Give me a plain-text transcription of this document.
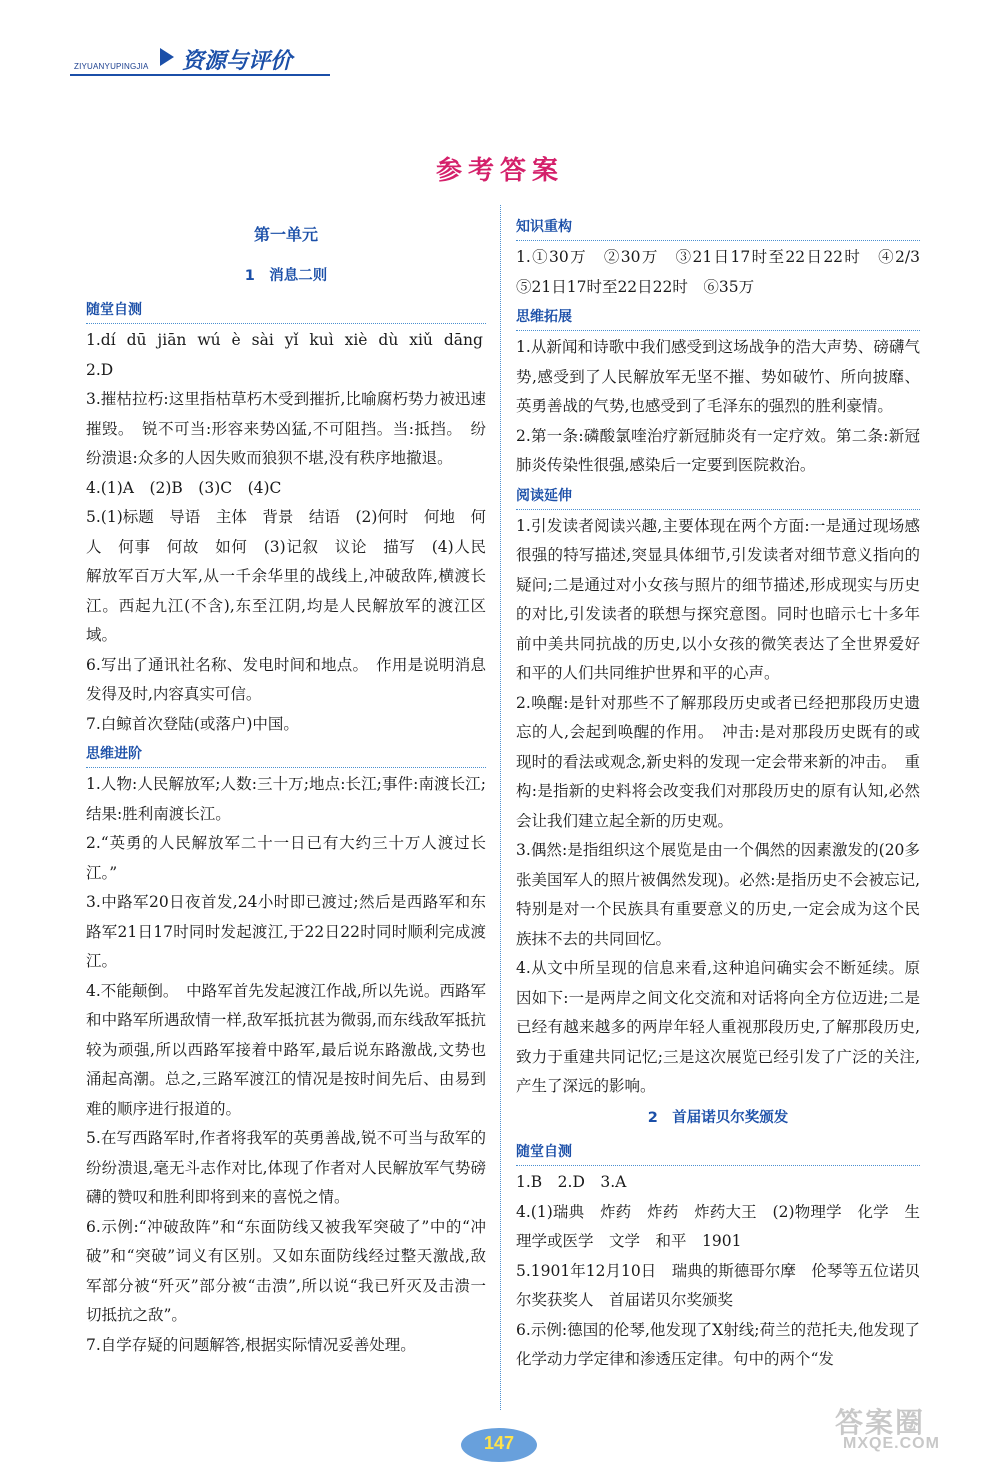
ZIYUANYUPINGJIA 资源与评价
参考答案
第一单元
1　消息二则
随堂自测

1.dí dū jiān wú è sài yǐ kuì xiè dù xiǔ dāng

2.D

3.摧枯拉朽:这里指枯草朽木受到摧折,比喻腐朽势力被迅速摧毁。　锐不可当:形容来势凶猛,不可阻挡。当:抵挡。　纷纷溃退:众多的人因失败而狼狈不堪,没有秩序地撤退。

4.(1)A　(2)B　(3)C　(4)C

5.(1)标题　导语　主体　背景　结语　(2)何时　何地　何人　何事　何故　如何　(3)记叙　议论　描写　(4)人民解放军百万大军,从一千余华里的战线上,冲破敌阵,横渡长江。西起九江(不含),东至江阴,均是人民解放军的渡江区域。

6.写出了通讯社名称、发电时间和地点。　作用是说明消息发得及时,内容真实可信。

7.白鲸首次登陆(或落户)中国。

思维进阶

1.人物:人民解放军;人数:三十万;地点:长江;事件:南渡长江;结果:胜利南渡长江。

2.“英勇的人民解放军二十一日已有大约三十万人渡过长江。”

3.中路军20日夜首发,24小时即已渡过;然后是西路军和东路军21日17时同时发起渡江,于22日22时同时顺利完成渡江。

4.不能颠倒。　中路军首先发起渡江作战,所以先说。西路军和中路军所遇敌情一样,敌军抵抗甚为微弱,而东线敌军抵抗较为顽强,所以西路军接着中路军,最后说东路激战,文势也涌起高潮。总之,三路军渡江的情况是按时间先后、由易到难的顺序进行报道的。

5.在写西路军时,作者将我军的英勇善战,锐不可当与敌军的纷纷溃退,毫无斗志作对比,体现了作者对人民解放军气势磅礴的赞叹和胜利即将到来的喜悦之情。

6.示例:“冲破敌阵”和“东面防线又被我军突破了”中的“冲破”和“突破”词义有区别。又如东面防线经过整天激战,敌军部分被“歼灭”部分被“击溃”,所以说“我已歼灭及击溃一切抵抗之敌”。

7.自学存疑的问题解答,根据实际情况妥善处理。

知识重构

1.①30万　②30万　③21日17时至22日22时　④2/3　⑤21日17时至22日22时　⑥35万

思维拓展

1.从新闻和诗歌中我们感受到这场战争的浩大声势、磅礴气势,感受到了人民解放军无坚不摧、势如破竹、所向披靡、英勇善战的气势,也感受到了毛泽东的强烈的胜利豪情。

2.第一条:磷酸氯喹治疗新冠肺炎有一定疗效。第二条:新冠肺炎传染性很强,感染后一定要到医院救治。

阅读延伸

1.引发读者阅读兴趣,主要体现在两个方面:一是通过现场感很强的特写描述,突显具体细节,引发读者对细节意义指向的疑问;二是通过对小女孩与照片的细节描述,形成现实与历史的对比,引发读者的联想与探究意图。同时也暗示七十多年前中美共同抗战的历史,以小女孩的微笑表达了全世界爱好和平的人们共同维护世界和平的心声。

2.唤醒:是针对那些不了解那段历史或者已经把那段历史遗忘的人,会起到唤醒的作用。　冲击:是对那段历史既有的或现时的看法或观念,新史料的发现一定会带来新的冲击。　重构:是指新的史料将会改变我们对那段历史的原有认知,必然会让我们建立起全新的历史观。

3.偶然:是指组织这个展览是由一个偶然的因素激发的(20多张美国军人的照片被偶然发现)。必然:是指历史不会被忘记,特别是对一个民族具有重要意义的历史,一定会成为这个民族抹不去的共同回忆。

4.从文中所呈现的信息来看,这种追问确实会不断延续。原因如下:一是两岸之间文化交流和对话将向全方位迈进;二是已经有越来越多的两岸年轻人重视那段历史,了解那段历史,致力于重建共同记忆;三是这次展览已经引发了广泛的关注,产生了深远的影响。

2　首届诺贝尔奖颁发
随堂自测

1.B　2.D　3.A

4.(1)瑞典　炸药　炸药　炸药大王　(2)物理学　化学　生理学或医学　文学　和平　1901

5.1901年12月10日　瑞典的斯德哥尔摩　伦琴等五位诺贝尔奖获奖人　首届诺贝尔奖颁奖

6.示例:德国的伦琴,他发现了X射线;荷兰的范托夫,他发现了化学动力学定律和渗透压定律。句中的两个“发

147
答案圈
MXQE.COM
